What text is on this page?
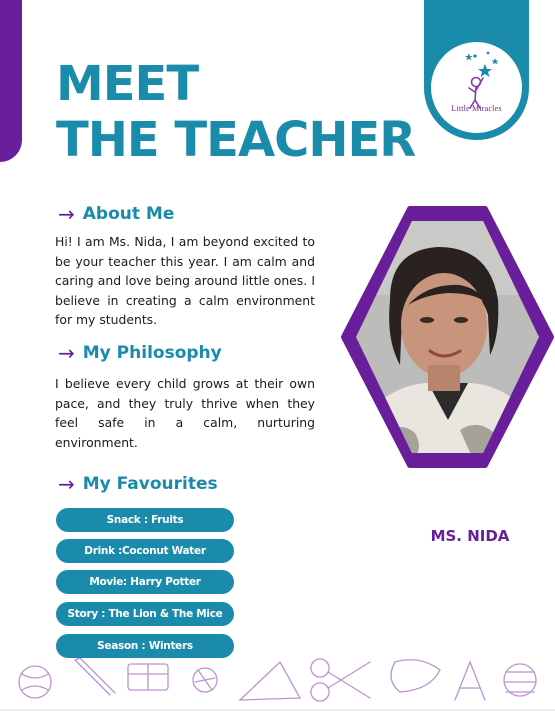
Little Miracles
MEET
THE TEACHER
→ About Me

Hi! I am Ms. Nida, I am beyond excited to be your teacher this year. I am calm and caring and love being around little ones. I believe in creating a calm environment for my students.

→ My Philosophy

I believe every child grows at their own pace, and they truly thrive when they feel safe in a calm, nurturing environment.

→ My Favourites
Snack : Fruits
Drink :Coconut Water
Movie: Harry Potter
Story : The Lion & The Mice
Season : Winters
MS. NIDA
